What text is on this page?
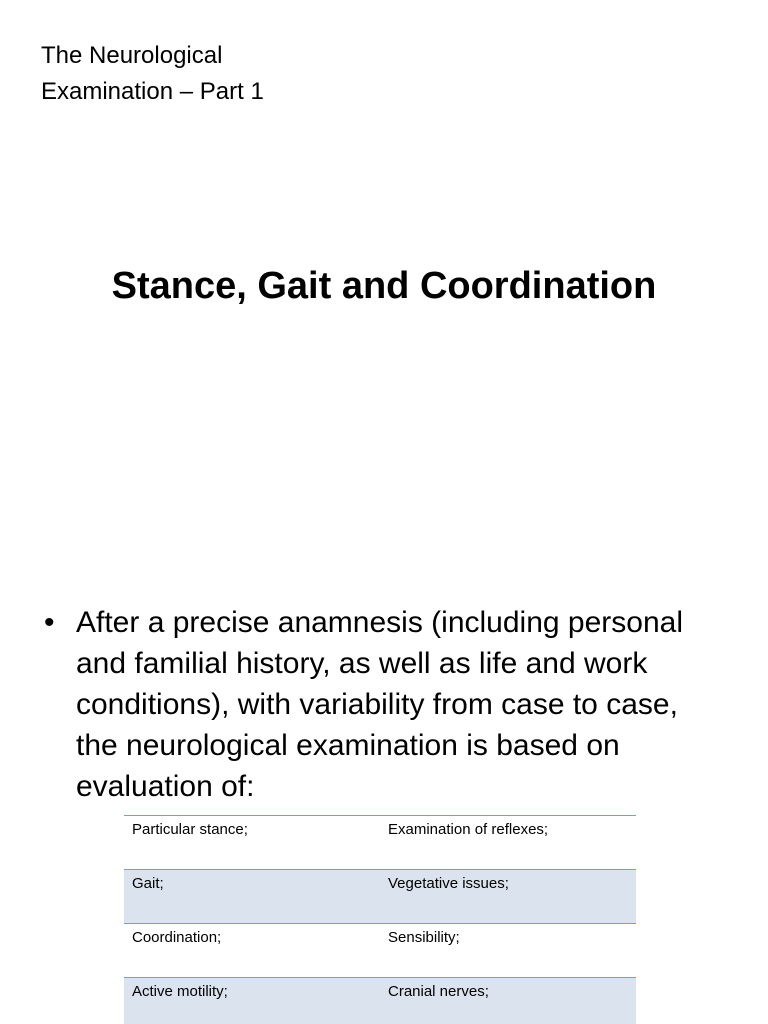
The Neurological
Examination – Part 1
Stance, Gait and Coordination
• After a precise anamnesis (including personal
and familial history, as well as life and work
conditions), with variability from case to case,
the neurological examination is based on
evaluation of:
Particular stance;	Examination of reflexes;
Gait;	Vegetative issues;
Coordination;	Sensibility;
Active motility;	Cranial nerves;
